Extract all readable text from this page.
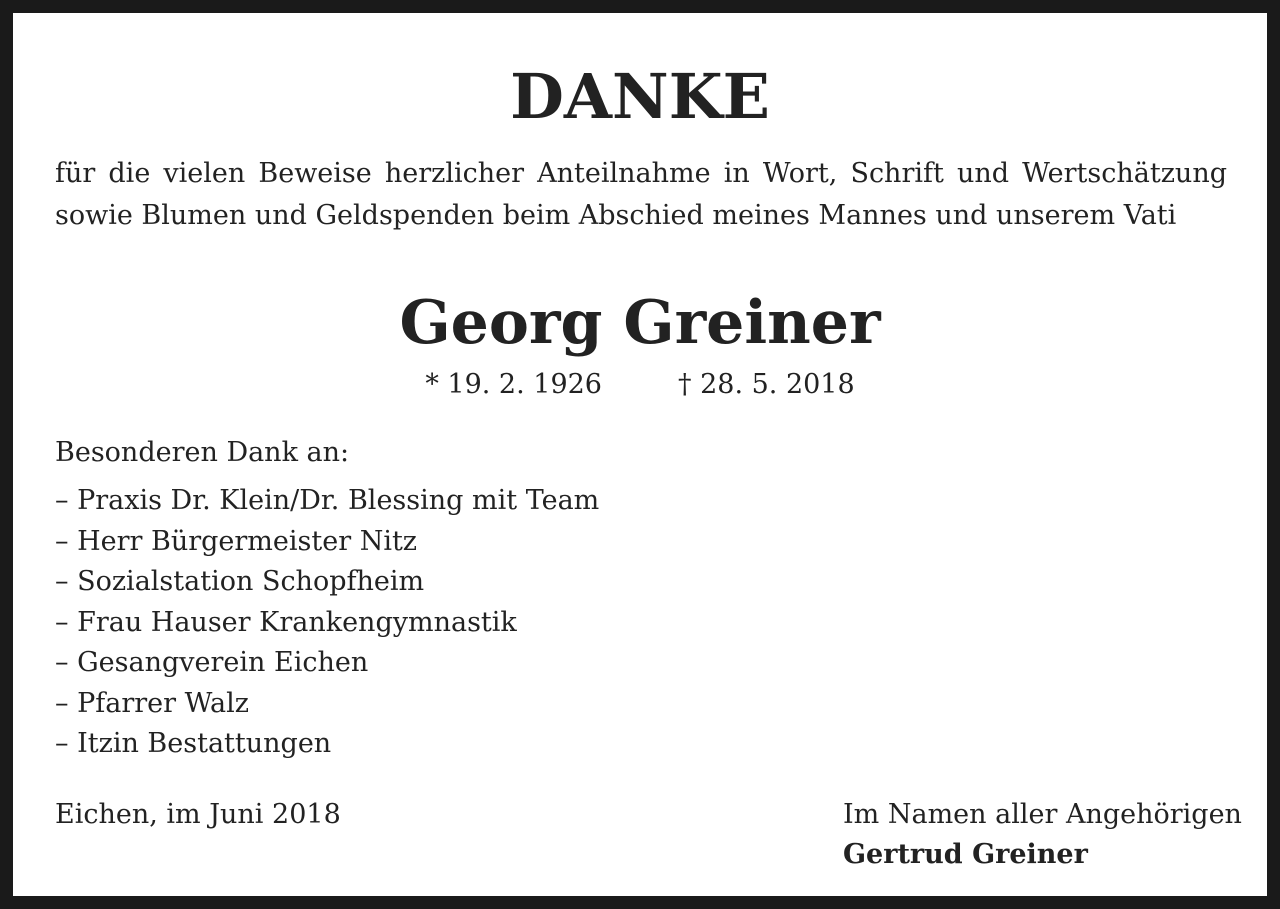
DANKE
für die vielen Beweise herzlicher Anteilnahme in Wort, Schrift und Wertschätzung
sowie Blumen und Geldspenden beim Abschied meines Mannes und unserem Vati
Georg Greiner
* 19. 2. 1926	† 28. 5. 2018
Besonderen Dank an:
– Praxis Dr. Klein/Dr. Blessing mit Team
– Herr Bürgermeister Nitz
– Sozialstation Schopfheim
– Frau Hauser Krankengymnastik
– Gesangverein Eichen
– Pfarrer Walz
– Itzin Bestattungen
Eichen, im Juni 2018	Im Namen aller Angehörigen
Gertrud Greiner
